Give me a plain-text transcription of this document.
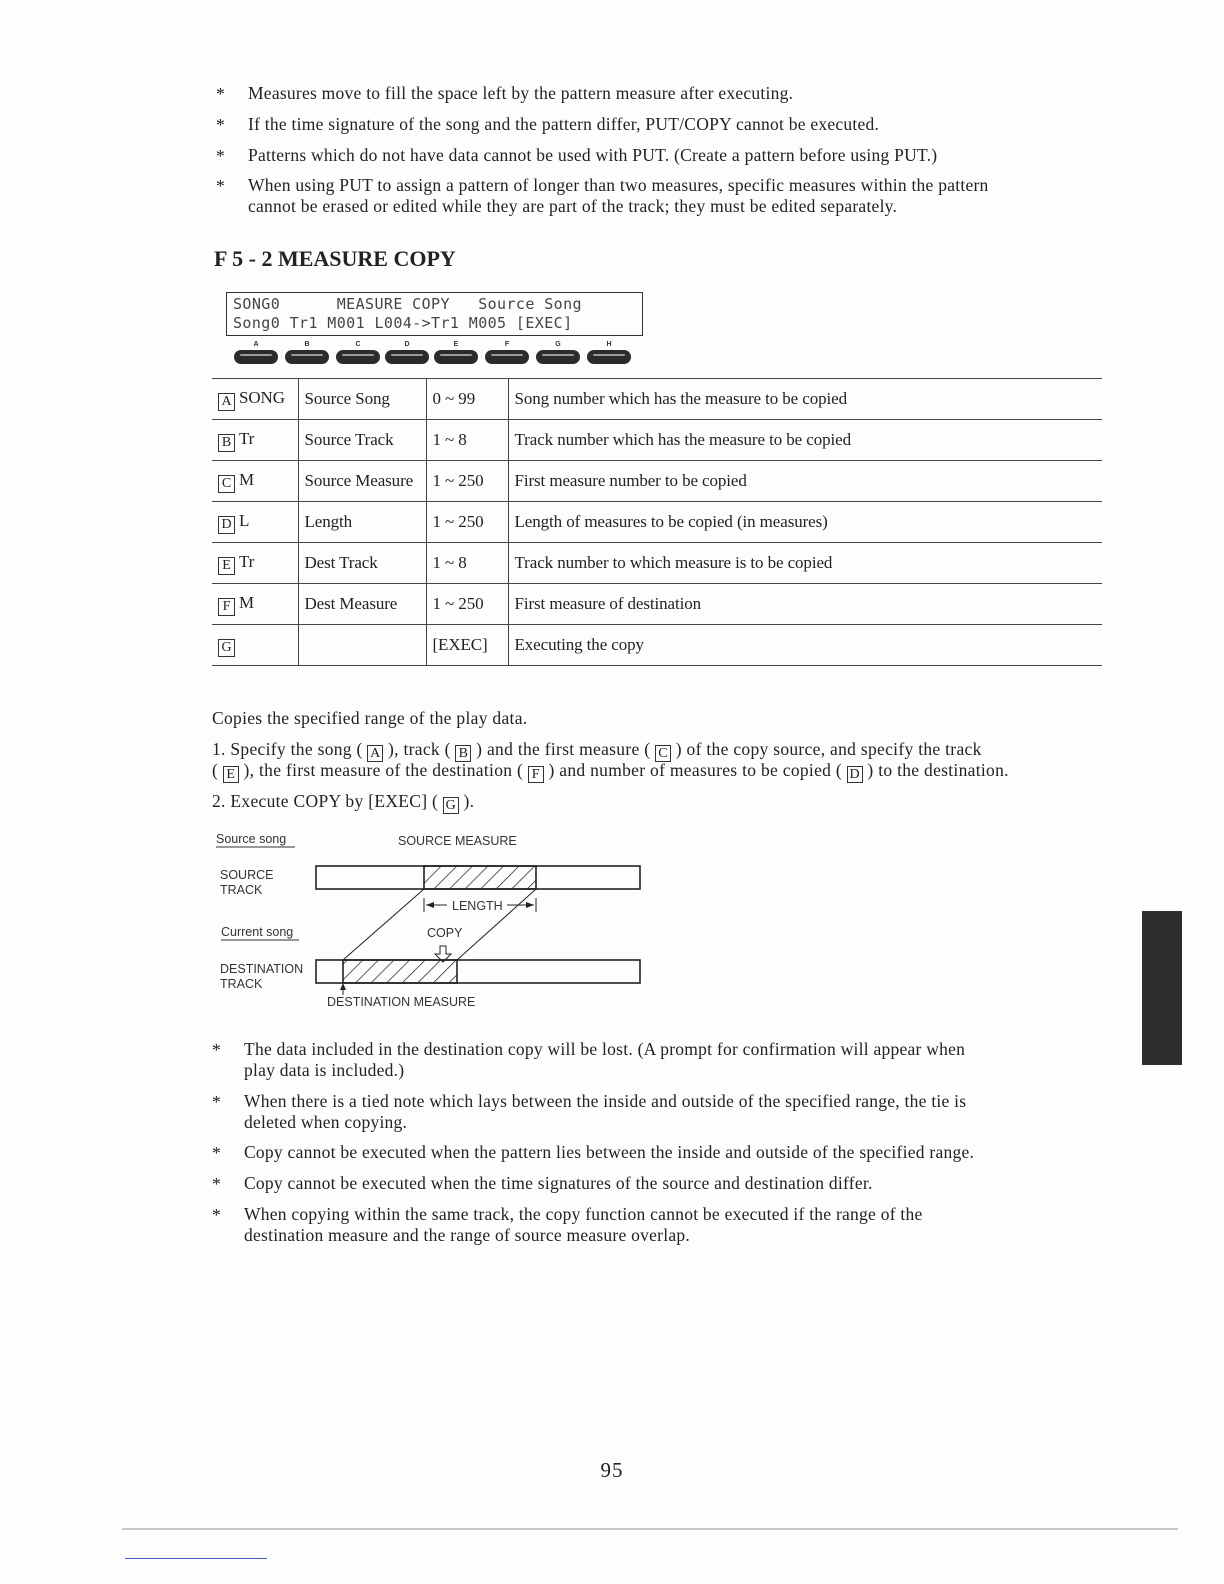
* Measures move to fill the space left by the pattern measure after executing.
* If the time signature of the song and the pattern differ, PUT/COPY cannot be executed.
* Patterns which do not have data cannot be used with PUT. (Create a pattern before using PUT.)
* When using PUT to assign a pattern of longer than two measures, specific measures within the pattern
cannot be erased or edited while they are part of the track; they must be edited separately.
F 5 - 2 MEASURE COPY
SONG0      MEASURE COPY   Source Song
Song0 Tr1 M001 L004->Tr1 M005 [EXEC]
A	B	C	D	E	F	G	H
A SONG	Source Song	0 ~ 99	Song number which has the measure to be copied
B Tr	Source Track	1 ~ 8	Track number which has the measure to be copied
C M	Source Measure	1 ~ 250	First measure number to be copied
D L	Length	1 ~ 250	Length of measures to be copied (in measures)
E Tr	Dest Track	1 ~ 8	Track number to which measure is to be copied
F M	Dest Measure	1 ~ 250	First measure of destination
G		[EXEC]	Executing the copy
Copies the specified range of the play data.
1. Specify the song ( A ), track ( B ) and the first measure ( C ) of the copy source, and specify the track
( E ), the first measure of the destination ( F ) and number of measures to be copied ( D ) to the destination.
2. Execute COPY by [EXEC] ( G ).
Source song	SOURCE MEASURE
SOURCE
TRACK
LENGTH
Current song	COPY
DESTINATION
TRACK
DESTINATION MEASURE
* The data included in the destination copy will be lost. (A prompt for confirmation will appear when
play data is included.)
* When there is a tied note which lays between the inside and outside of the specified range, the tie is
deleted when copying.
* Copy cannot be executed when the pattern lies between the inside and outside of the specified range.
* Copy cannot be executed when the time signatures of the source and destination differ.
* When copying within the same track, the copy function cannot be executed if the range of the
destination measure and the range of source measure overlap.
95
